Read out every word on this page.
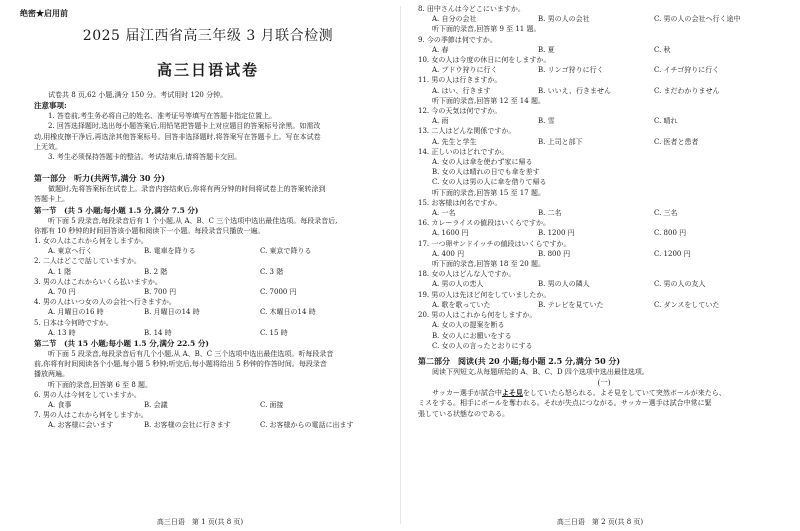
绝密★启用前
2025 届江西省高三年级 3 月联合检测
高三日语试卷
试卷共 8 页,62 小题,满分 150 分。考试用时 120 分钟。
注意事项:
1. 答卷前,考生务必将自己的姓名、准考证号等填写在答题卡指定位置上。
2. 回答选择题时,选出每小题答案后,用铅笔把答题卡上对应题目的答案标号涂黑。如需改
动,用橡皮擦干净后,再选涂其他答案标号。回答非选择题时,将答案写在答题卡上。写在本试卷
上无效。
3. 考生必须保持答题卡的整洁。考试结束后,请将答题卡交回。
第一部分　听力(共两节,满分 30 分)
做题时,先将答案标在试卷上。录音内容结束后,你将有两分钟的时间将试卷上的答案转涂到
答题卡上。
第一节　(共 5 小题;每小题 1.5 分,满分 7.5 分)
听下面 5 段录音,每段录音后有 1 个小题,从 A、B、C 三个选项中选出最佳选项。每段录音后,
你都有 10 秒钟的时间回答该小题和阅读下一小题。每段录音只播放一遍。
1. 女の人はこれから何をしますか。
A. 東京へ行く	B. 電車を降りる	C. 東京で降りる
2. 二人はどこで話していますか。
A. 1 階	B. 2 階	C. 3 階
3. 男の人はこれからいくら払いますか。
A. 70 円	B. 700 円	C. 7000 円
4. 男の人はいつ女の人の会社へ行きますか。
A. 月曜日の16 時	B. 月曜日の14 時	C. 木曜日の14 時
5. 日本は今何時ですか。
A. 13 時	B. 14 時	C. 15 時
第二节　(共 15 小题;每小题 1.5 分,满分 22.5 分)
听下面 5 段录音,每段录音后有几个小题,从 A、B、C 三个选项中选出最佳选项。听每段录音
前,你将有时间阅读各个小题,每小题 5 秒钟;听完后,每小题将给出 5 秒钟的作答时间。每段录音
播放两遍。
听下面的录音,回答第 6 至 8 题。
6. 男の人は今何をしていますか。
A. 食事	B. 会議	C. 面接
7. 男の人はこれから何をしますか。
A. お客様に会います	B. お客様の会社に行きます	C. お客様からの電話に出ます
高三日语　第 1 页(共 8 页)
8. 田中さんは今どこにいますか。
A. 自分の会社	B. 男の人の会社	C. 男の人の会社へ行く途中
听下面的录音,回答第 9 至 11 题。
9. 今の季節は何ですか。
A. 春	B. 夏	C. 秋
10. 女の人は今度の休日に何をしますか。
A. ブドウ狩りに行く	B. リンゴ狩りに行く	C. イチゴ狩りに行く
11. 男の人は行きますか。
A. はい、行きます	B. いいえ、行きません	C. まだわかりません
听下面的录音,回答第 12 至 14 题。
12. 今の天気は何ですか。
A. 雨	B. 雪	C. 晴れ
13. 二人はどんな関係ですか。
A. 先生と学生	B. 上司と部下	C. 医者と患者
14. 正しいのはどれですか。
A. 女の人は傘を使わず家に帰る
B. 女の人は晴れの日でも傘を差す
C. 女の人は男の人に傘を借りて帰る
听下面的录音,回答第 15 至 17 题。
15. お客様は何名ですか。
A. 一名	B. 二名	C. 三名
16. カレーライスの値段はいくらですか。
A. 1600 円	B. 1200 円	C. 800 円
17. 一つ卵サンドイッチの値段はいくらですか。
A. 400 円	B. 800 円	C. 1200 円
听下面的录音,回答第 18 至 20 题。
18. 女の人はどんな人ですか。
A. 男の人の恋人	B. 男の人の隣人	C. 男の人の友人
19. 男の人は先ほど何をしていましたか。
A. 歌を歌っていた	B. テレビを見ていた	C. ダンスをしていた
20. 男の人はこれから何をしますか。
A. 女の人の提案を断る
B. 女の人にお願いをする
C. 女の人の言ったとおりにする
第二部分　阅读(共 20 小题;每小题 2.5 分,满分 50 分)
阅读下列短文,从每题所给的 A、B、C、D 四个选项中选出最佳选项。
(一)
サッカー選手が試合中よそ見をしていたら怒られる。よそ見をしていて突然ボールが来たら、
ミスをする。相手にボールを奪われる。それが失点につながる。サッカー選手は試合中常に緊
張している状態なのである。
高三日语　第 2 页(共 8 页)
